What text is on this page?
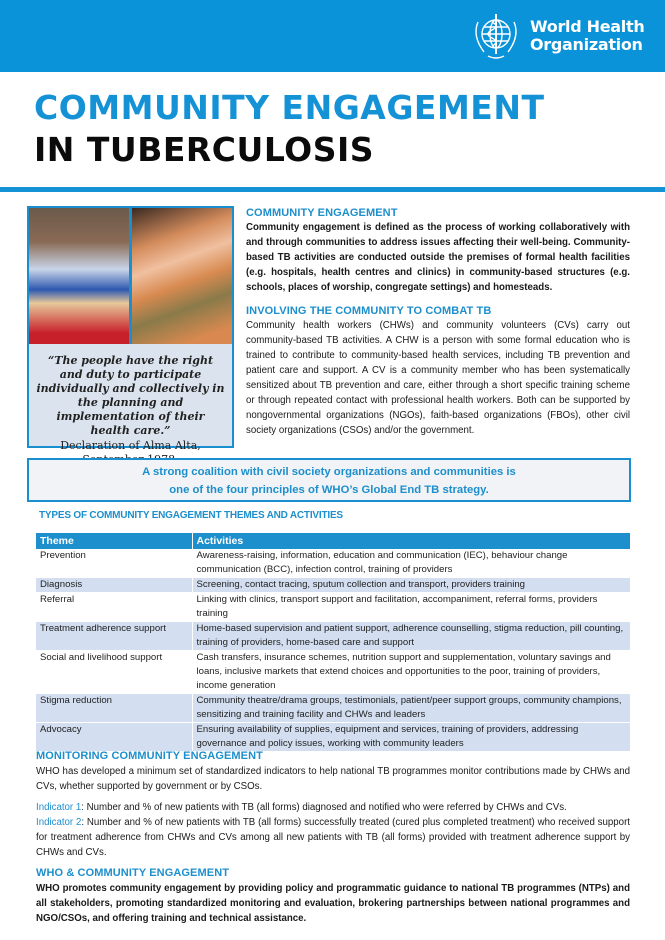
World Health
Organization
COMMUNITY ENGAGEMENT
IN TUBERCULOSIS
“The people have the right and duty to participate individually and collectively in the planning and implementation of their health care.”
Declaration of Alma Alta,
COMMUNITY ENGAGEMENT
Community engagement is defined as the process of working collaboratively with and through communities to address issues affecting their well-being. Community-based TB activities are conducted outside the premises of formal health facilities (e.g. hospitals, health centres and clinics) in community-based structures (e.g. schools, places of worship, congregate settings) and homesteads.
INVOLVING THE COMMUNITY TO COMBAT TB
Community health workers (CHWs) and community volunteers (CVs) carry out community-based TB activities. A CHW is a person with some formal education who is trained to contribute to community-based health services, including TB prevention and patient care and support. A CV is a community member who has been systematically sensitized about TB prevention and care, either through a short specific training scheme or through repeated contact with professional health workers. Both can be supported by nongovernmental organizations (NGOs), faith-based organizations (FBOs), other civil society organizations (CSOs) and/or the government.
A strong coalition with civil society organizations and communities is
one of the four principles of WHO’s Global End TB strategy.
TYPES OF COMMUNITY ENGAGEMENT THEMES AND ACTIVITIES
Theme	Activities
Prevention	Awareness-raising, information, education and communication (IEC), behaviour change communication (BCC), infection control, training of providers
Diagnosis	Screening, contact tracing, sputum collection and transport, providers training
Referral	Linking with clinics, transport support and facilitation, accompaniment, referral forms, providers training
Treatment adherence support	Home-based supervision and patient support, adherence counselling, stigma reduction, pill counting, training of providers, home-based care and support
Social and livelihood support	Cash transfers, insurance schemes, nutrition support and supplementation, voluntary savings and loans, inclusive markets that extend choices and opportunities to the poor, training of providers, income generation
Stigma reduction	Community theatre/drama groups, testimonials, patient/peer support groups, community champions, sensitizing and training facility and CHWs and leaders
Advocacy	Ensuring availability of supplies, equipment and services, training of providers, addressing governance and policy issues, working with community leaders
MONITORING COMMUNITY ENGAGEMENT
WHO has developed a minimum set of standardized indicators to help national TB programmes monitor contributions made by CHWs and CVs, whether supported by government or by CSOs.
Indicator 1: Number and % of new patients with TB (all forms) diagnosed and notified who were referred by CHWs and CVs.
Indicator 2: Number and % of new patients with TB (all forms) successfully treated (cured plus completed treatment) who received support for treatment adherence from CHWs and CVs among all new patients with TB (all forms) provided with treatment adherence support by CHWs and CVs.
WHO & COMMUNITY ENGAGEMENT
WHO promotes community engagement by providing policy and programmatic guidance to national TB programmes (NTPs) and all stakeholders, promoting standardized monitoring and evaluation, brokering partnerships between national programmes and NGO/CSOs, and offering training and technical assistance.
